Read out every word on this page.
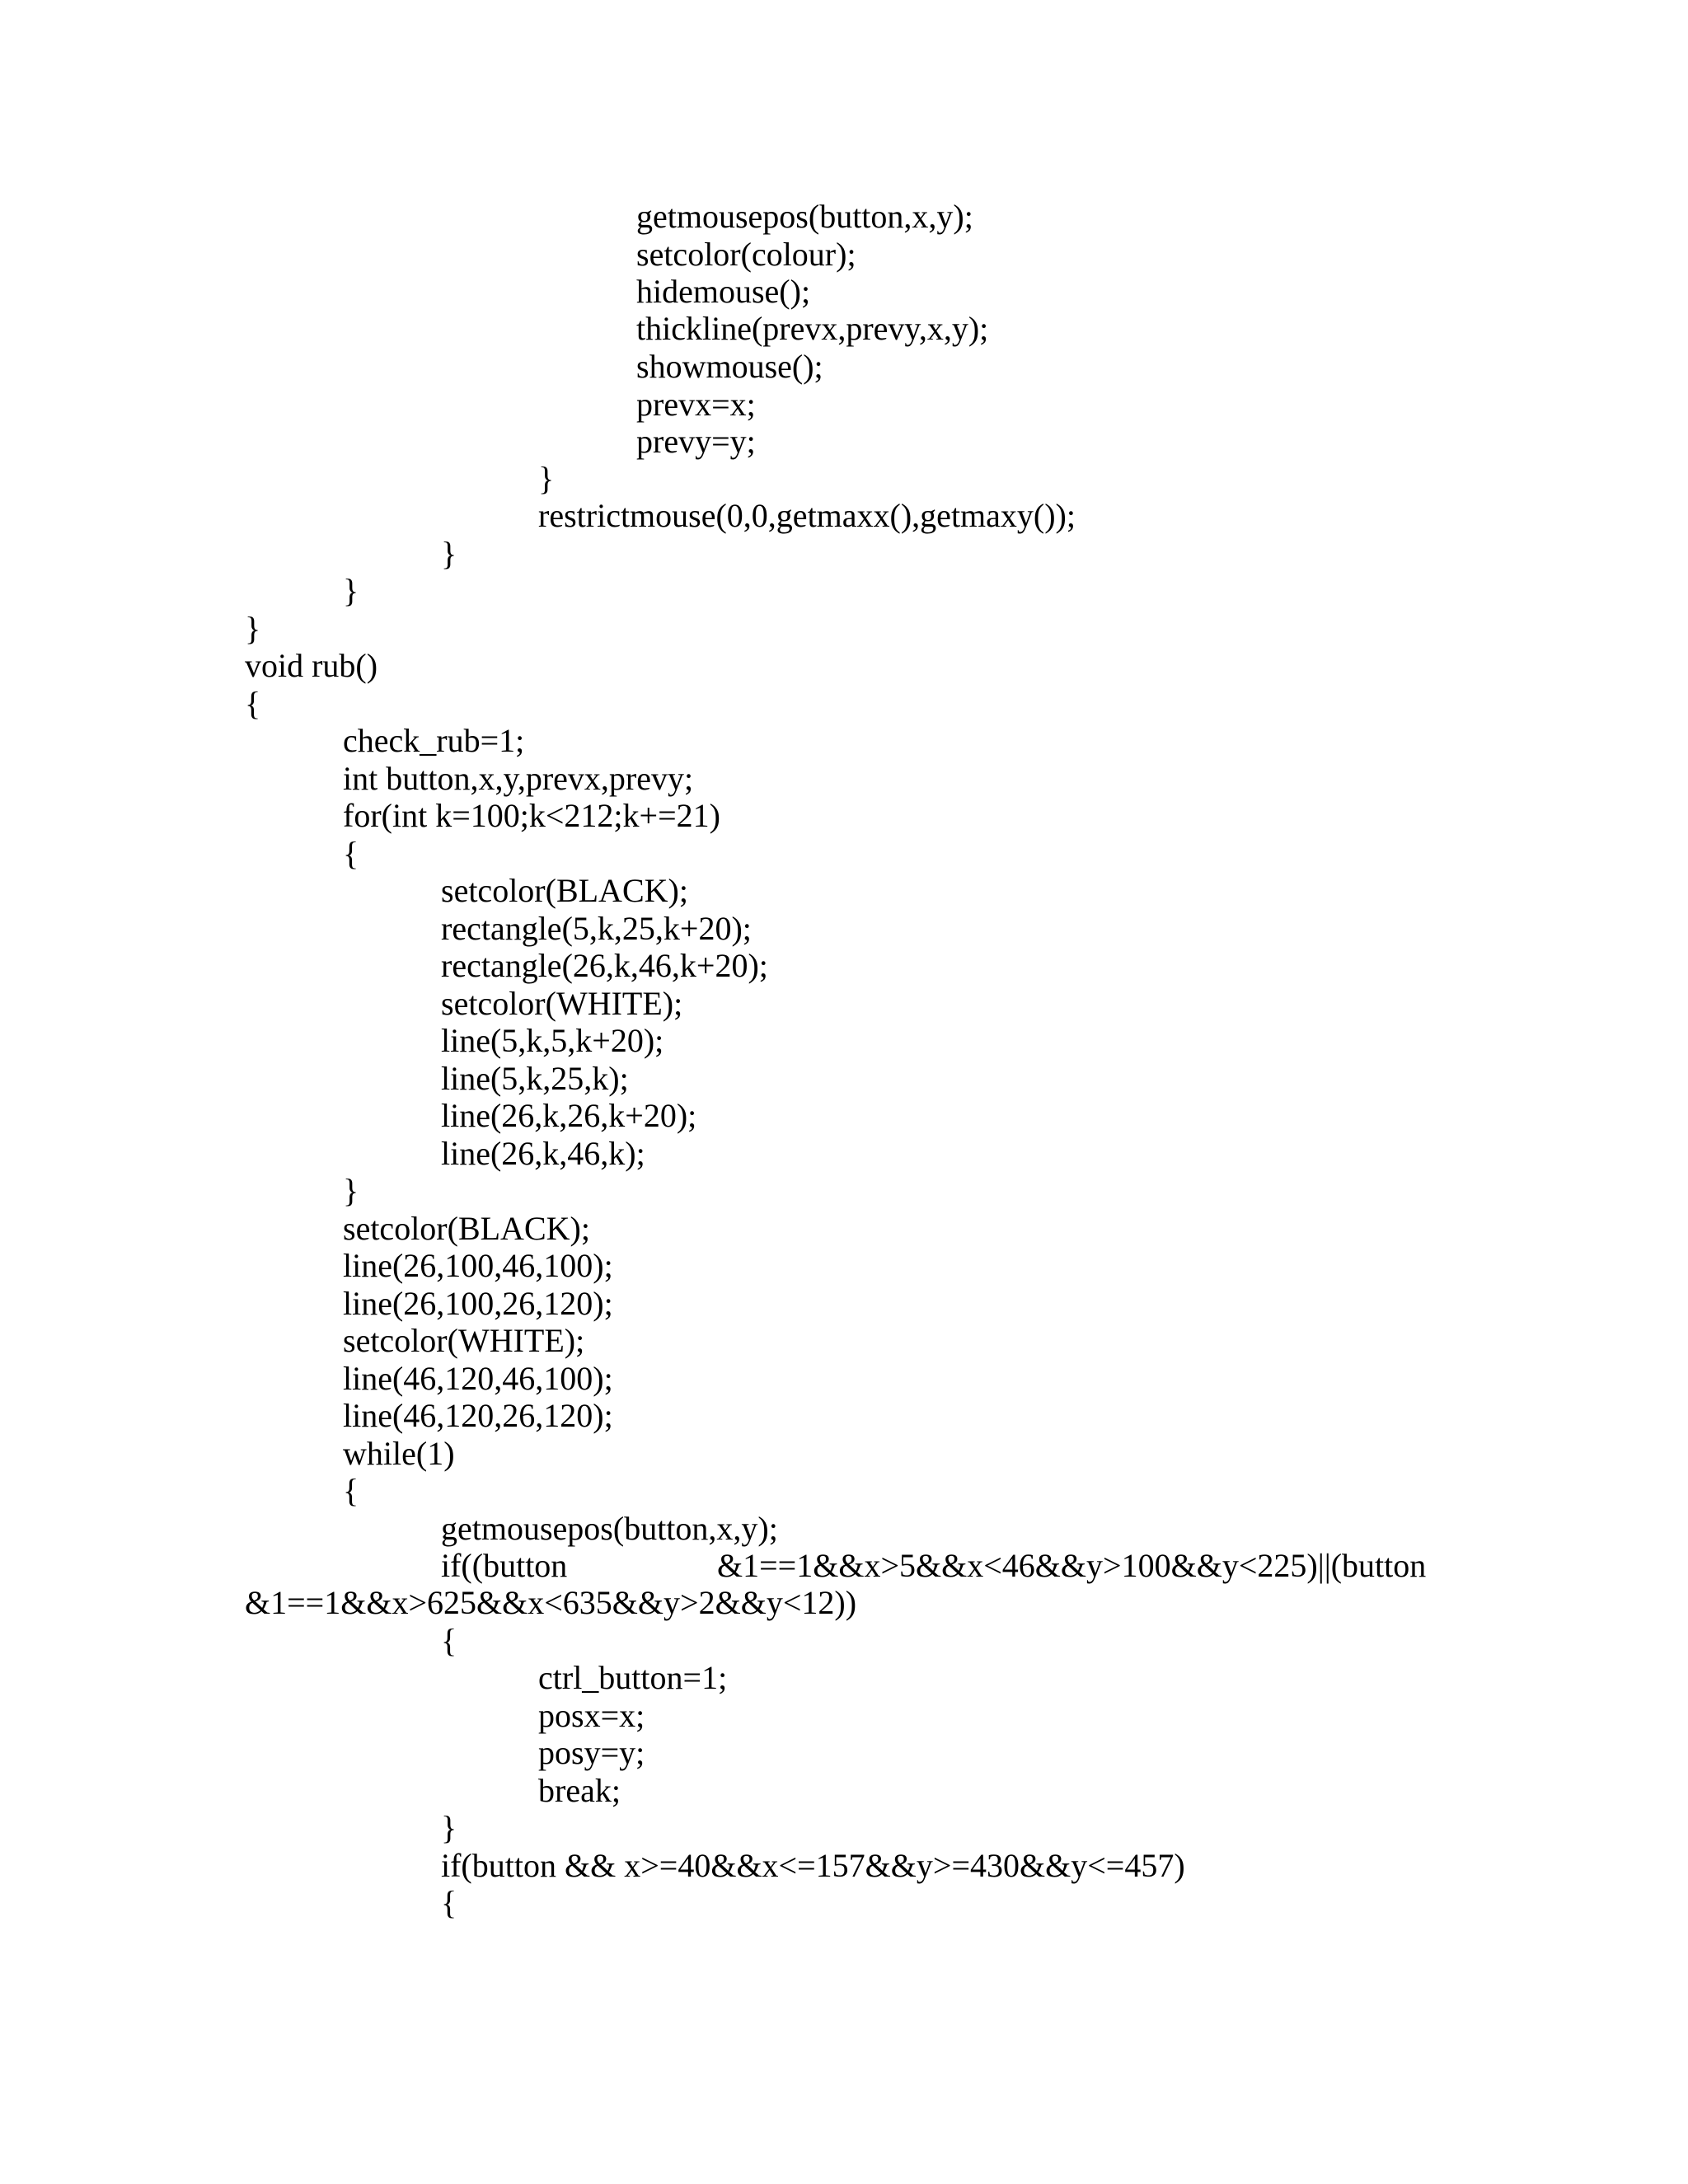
getmousepos(button,x,y);
setcolor(colour);
hidemouse();
thickline(prevx,prevy,x,y);
showmouse();
prevx=x;
prevy=y;
}
restrictmouse(0,0,getmaxx(),getmaxy());
}
}
}
void rub()
{
check_rub=1;
int button,x,y,prevx,prevy;
for(int k=100;k<212;k+=21)
{
setcolor(BLACK);
rectangle(5,k,25,k+20);
rectangle(26,k,46,k+20);
setcolor(WHITE);
line(5,k,5,k+20);
line(5,k,25,k);
line(26,k,26,k+20);
line(26,k,46,k);
}
setcolor(BLACK);
line(26,100,46,100);
line(26,100,26,120);
setcolor(WHITE);
line(46,120,46,100);
line(46,120,26,120);
while(1)
{
getmousepos(button,x,y);
if((button	&1==1&&x>5&&x<46&&y>100&&y<225)||(button
&1==1&&x>625&&x<635&&y>2&&y<12))
{
ctrl_button=1;
posx=x;
posy=y;
break;
}
if(button && x>=40&&x<=157&&y>=430&&y<=457)
{
